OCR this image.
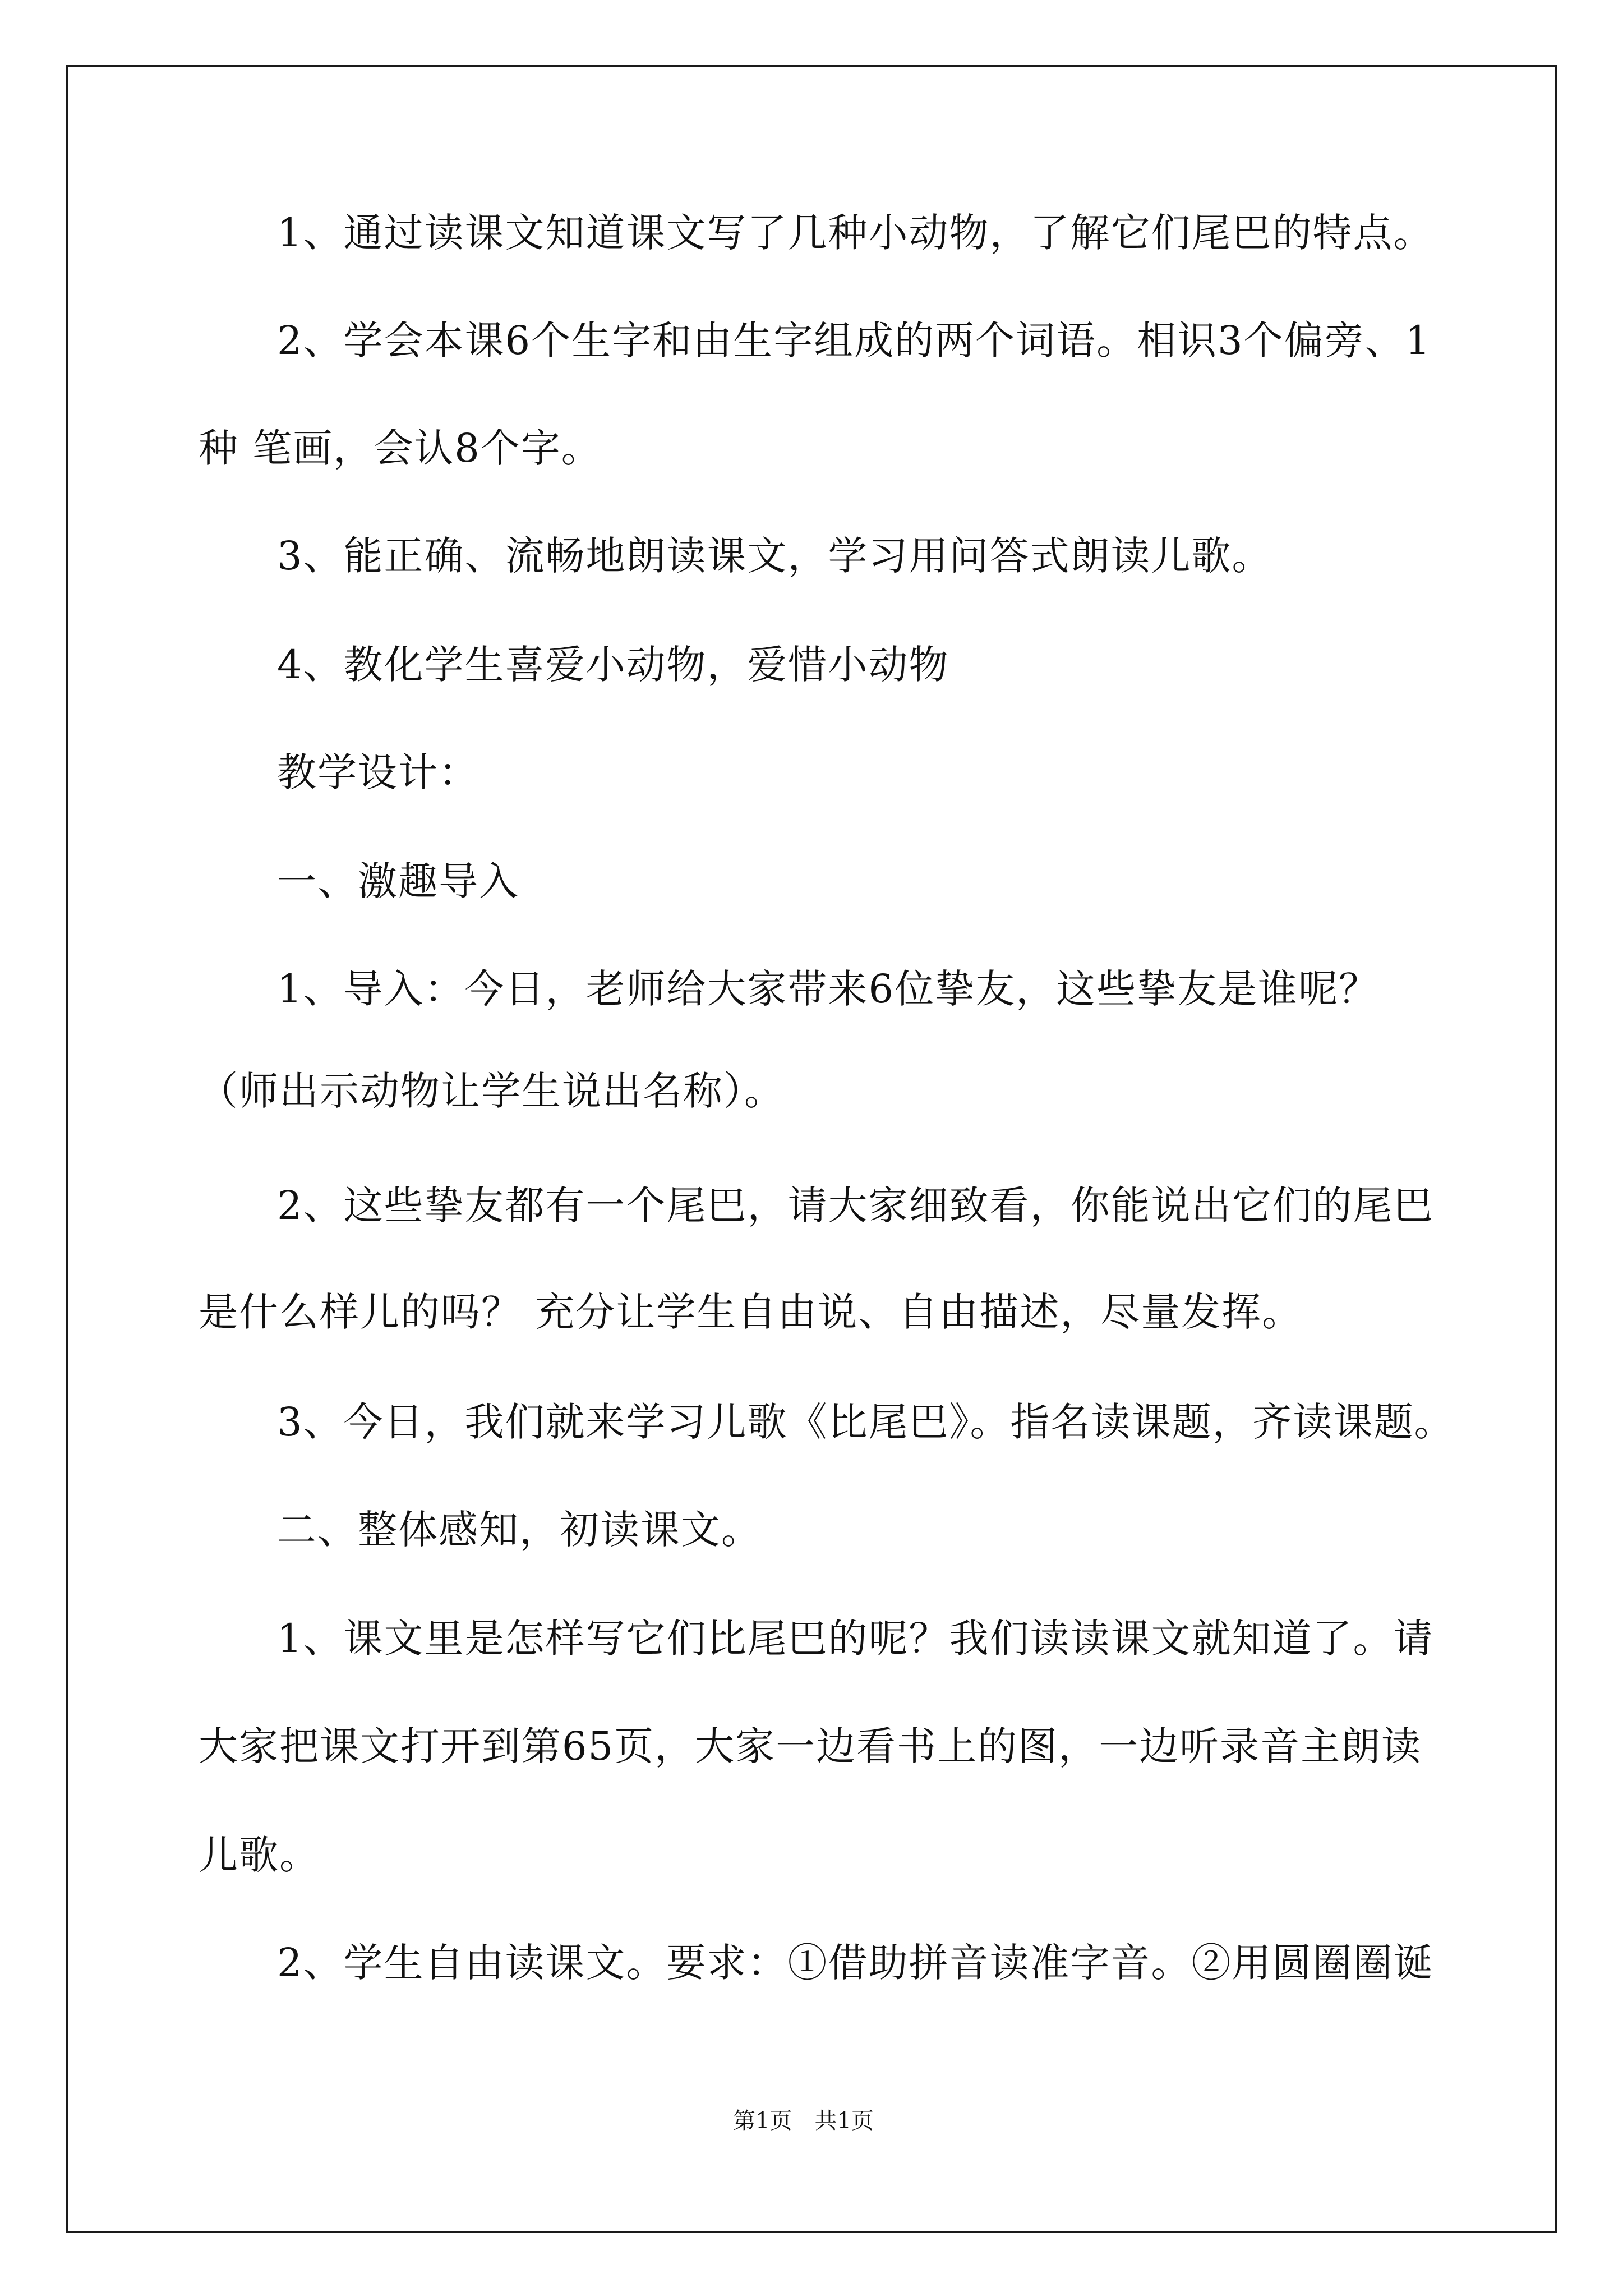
1、通过读课文知道课文写了几种小动物，了解它们尾巴的特点。
2、学会本课6个生字和由生字组成的两个词语。相识3个偏旁、1
种 笔画，会认8个字。
3、能正确、流畅地朗读课文，学习用问答式朗读儿歌。
4、教化学生喜爱小动物，爱惜小动物
教学设计：
一、激趣导入
1、导入：今日，老师给大家带来6位挚友，这些挚友是谁呢？
（师出示动物让学生说出名称）。
2、这些挚友都有一个尾巴，请大家细致看，你能说出它们的尾巴
是什么样儿的吗？ 充分让学生自由说、自由描述，尽量发挥。
3、今日，我们就来学习儿歌《比尾巴》。指名读课题，齐读课题。
二、整体感知，初读课文。
1、课文里是怎样写它们比尾巴的呢？我们读读课文就知道了。请
大家把课文打开到第65页，大家一边看书上的图，一边听录音主朗读
儿歌。
2、学生自由读课文。要求：①借助拼音读准字音。②用圆圈圈诞
第1页　共1页
